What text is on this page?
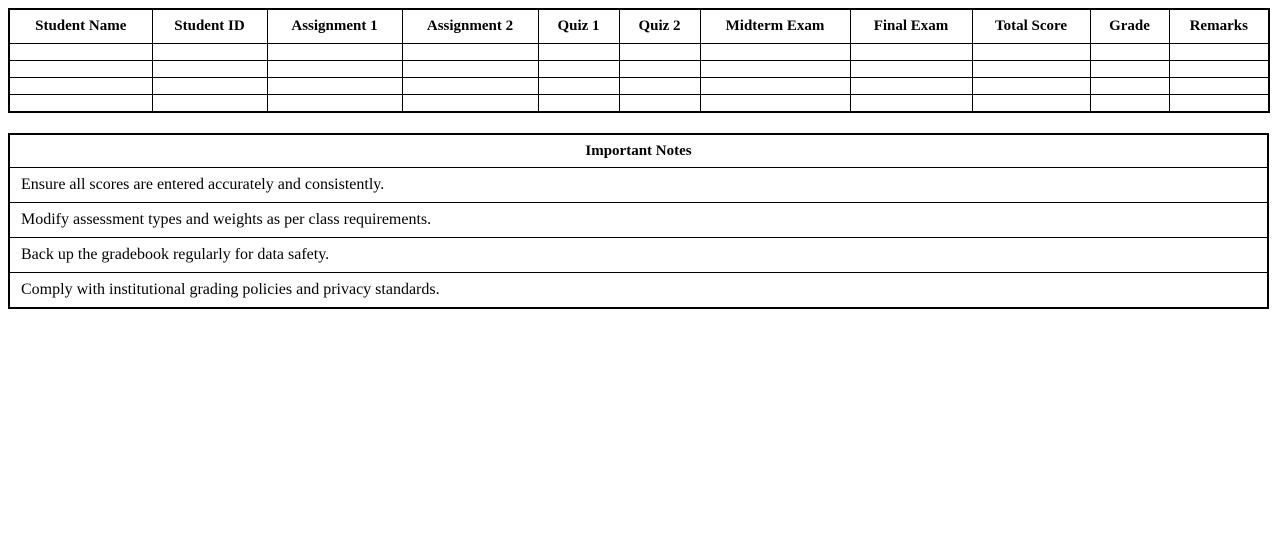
Student Name	Student ID	Assignment 1	Assignment 2	Quiz 1	Quiz 2	Midterm Exam	Final Exam	Total Score	Grade	Remarks

Important Notes
Ensure all scores are entered accurately and consistently.
Modify assessment types and weights as per class requirements.
Back up the gradebook regularly for data safety.
Comply with institutional grading policies and privacy standards.
